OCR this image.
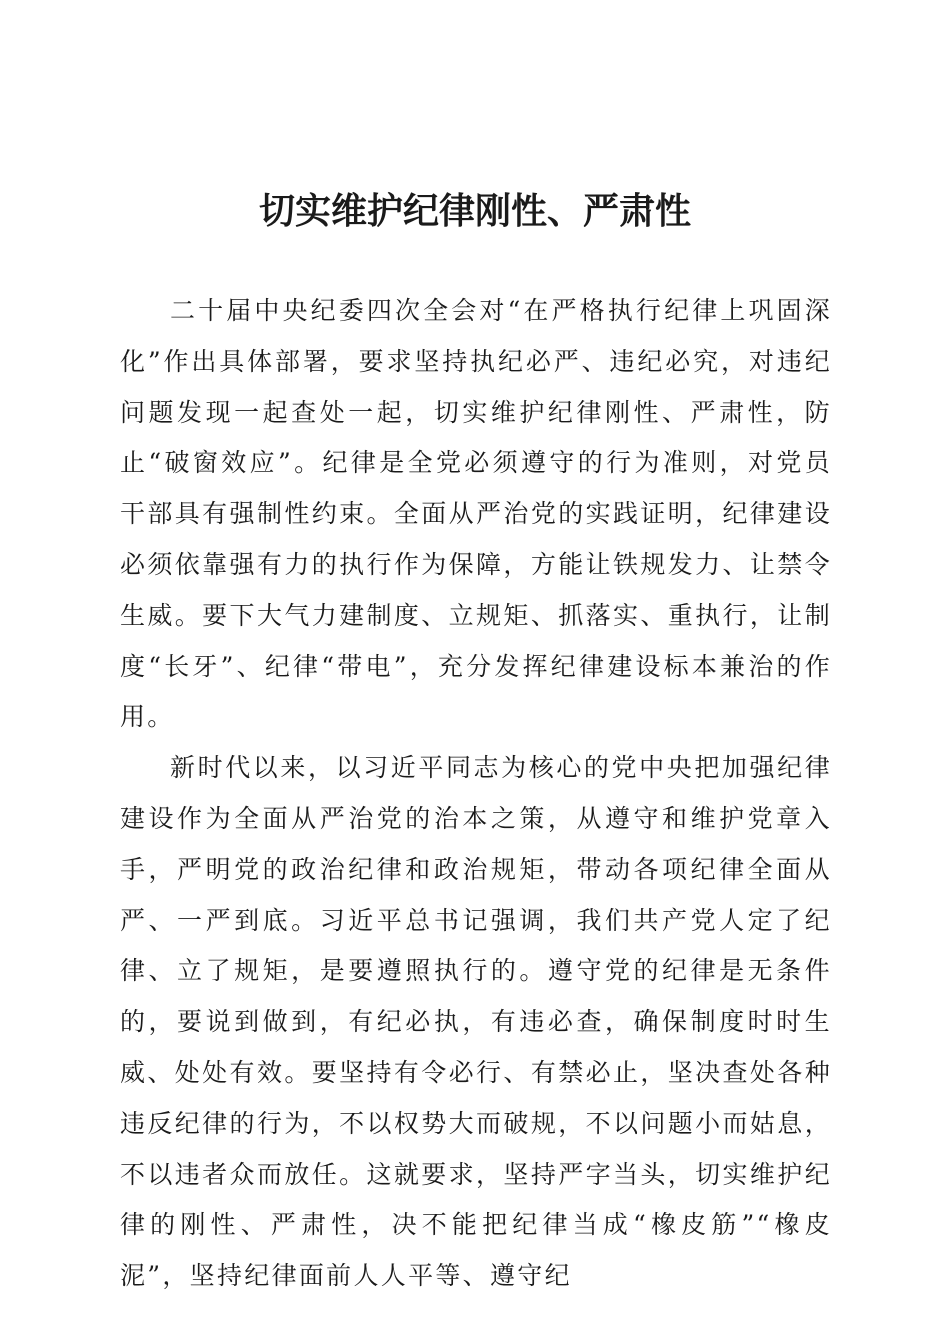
切实维护纪律刚性、严肃性

二十届中央纪委四次全会对“在严格执行纪律上巩固深化”作出具体部署，要求坚持执纪必严、违纪必究，对违纪问题发现一起查处一起，切实维护纪律刚性、严肃性，防止“破窗效应”。纪律是全党必须遵守的行为准则，对党员干部具有强制性约束。全面从严治党的实践证明，纪律建设必须依靠强有力的执行作为保障，方能让铁规发力、让禁令生威。要下大气力建制度、立规矩、抓落实、重执行，让制度“长牙”、纪律“带电”，充分发挥纪律建设标本兼治的作用。

新时代以来，以习近平同志为核心的党中央把加强纪律建设作为全面从严治党的治本之策，从遵守和维护党章入手，严明党的政治纪律和政治规矩，带动各项纪律全面从严、一严到底。习近平总书记强调，我们共产党人定了纪律、立了规矩，是要遵照执行的。遵守党的纪律是无条件的，要说到做到，有纪必执，有违必查，确保制度时时生威、处处有效。要坚持有令必行、有禁必止，坚决查处各种违反纪律的行为，不以权势大而破规，不以问题小而姑息，不以违者众而放任。这就要求，坚持严字当头，切实维护纪律的刚性、严肃性，决不能把纪律当成“橡皮筋”“橡皮泥”，坚持纪律面前人人平等、遵守纪
